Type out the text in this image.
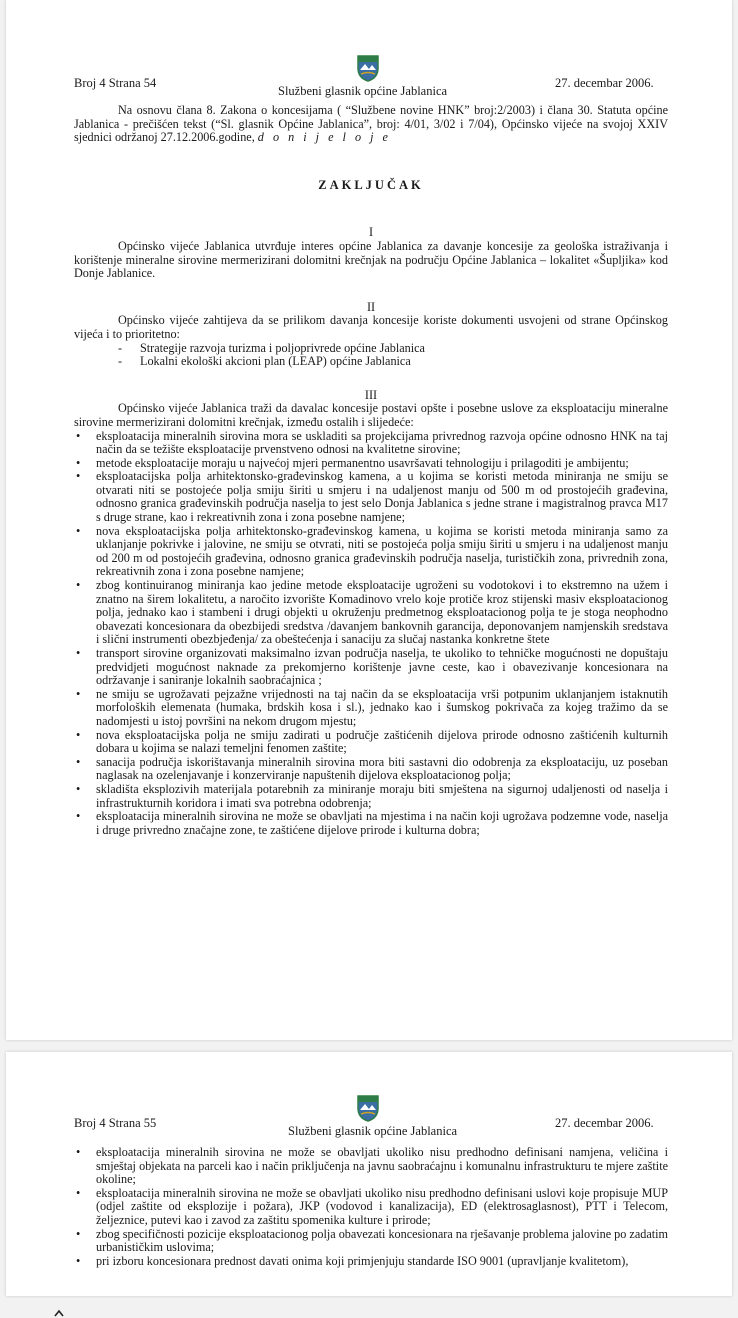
Broj 4 Strana 54
Službeni glasnik općine Jablanica
27. decembar 2006.

Na osnovu člana 8. Zakona o koncesijama ( “Službene novine HNK” broj:2/2003) i člana 30. Statuta općine Jablanica - prečišćen tekst (“Sl. glasnik Općine Jablanica”, broj: 4/01, 3/02 i 7/04), Općinsko vijeće na svojoj XXIV sjednici održanoj 27.12.2006.godine, d o n i j e l o j e

ZAKLJUČAK

I

Općinsko vijeće Jablanica utvrđuje interes općine Jablanica za davanje koncesije za geološka istraživanja i korištenje mineralne sirovine mermerizirani dolomitni krečnjak na području Općine Jablanica – lokalitet «Šupljika» kod Donje Jablanice.

II

Općinsko vijeće zahtijeva da se prilikom davanja koncesije koriste dokumenti usvojeni od strane Općinskog vijeća i to prioritetno:

- Strategije razvoja turizma i poljoprivrede općine Jablanica
- Lokalni ekološki akcioni plan (LEAP) općine Jablanica

III

Općinsko vijeće Jablanica traži da davalac koncesije postavi opšte i posebne uslove za eksploataciju mineralne sirovine mermerizirani dolomitni krečnjak, između ostalih i slijedeće:

• eksploatacija mineralnih sirovina mora se uskladiti sa projekcijama privrednog razvoja općine odnosno HNK na taj način da se težište eksploatacije prvenstveno odnosi na kvalitetne sirovine;
• metode eksploatacije moraju u najvećoj mjeri permanentno usavršavati tehnologiju i prilagoditi je ambijentu;
• eksploatacijska polja arhitektonsko-građevinskog kamena, a u kojima se koristi metoda miniranja ne smiju se otvarati niti se postojeće polja smiju širiti u smjeru i na udaljenost manju od 500 m od prostojećih građevina, odnosno granica građevinskih područja naselja to jest selo Donja Jablanica s jedne strane i magistralnog pravca M17 s druge strane, kao i rekreativnih zona i zona posebne namjene;
• nova eksploatacijska polja arhitektonsko-građevinskog kamena, u kojima se koristi metoda miniranja samo za uklanjanje pokrivke i jalovine, ne smiju se otvrati, niti se postojeća polja smiju širiti u smjeru i na udaljenost manju od 200 m od postojećih građevina, odnosno granica građevinskih područja naselja, turističkih zona, privrednih zona, rekreativnih zona i zona posebne namjene;
• zbog kontinuiranog miniranja kao jedine metode eksploatacije ugroženi su vodotokovi i to ekstremno na užem i znatno na širem lokalitetu, a naročito izvorište Komadinovo vrelo koje protiče kroz stijenski masiv eksploatacionog polja, jednako kao i stambeni i drugi objekti u okruženju predmetnog eksploatacionog polja te je stoga neophodno obavezati koncesionara da obezbijedi sredstva /davanjem bankovnih garancija, deponovanjem namjenskih sredstava i slični instrumenti obezbjeđenja/ za obeštećenja i sanaciju za slučaj nastanka konkretne štete
• transport sirovine organizovati maksimalno izvan područja naselja, te ukoliko to tehničke mogućnosti ne dopuštaju predvidjeti mogućnost naknade za prekomjerno korištenje javne ceste, kao i obavezivanje koncesionara na održavanje i saniranje lokalnih saobraćajnica ;
• ne smiju se ugrožavati pejzažne vrijednosti na taj način da se eksploatacija vrši potpunim uklanjanjem istaknutih morfoloških elemenata (humaka, brdskih kosa i sl.), jednako kao i šumskog pokrivača za kojeg tražimo da se nadomjesti u istoj površini na nekom drugom mjestu;
• nova eksploatacijska polja ne smiju zadirati u područje zaštićenih dijelova prirode odnosno zaštićenih kulturnih dobara u kojima se nalazi temeljni fenomen zaštite;
• sanacija područja iskorištavanja mineralnih sirovina mora biti sastavni dio odobrenja za eksploataciju, uz poseban naglasak na ozelenjavanje i konzerviranje napuštenih dijelova eksploatacionog polja;
• skladišta eksplozivih materijala potarebnih za miniranje moraju biti smještena na sigurnoj udaljenosti od naselja i infrastrukturnih koridora i imati sva potrebna odobrenja;
• eksploatacija mineralnih sirovina ne može se obavljati na mjestima i na način koji ugrožava podzemne vode, naselja i druge privredno značajne zone, te zaštićene dijelove prirode i kulturna dobra;
Broj 4 Strana 55
Službeni glasnik općine Jablanica
27. decembar 2006.
• eksploatacija mineralnih sirovina ne može se obavljati ukoliko nisu predhodno definisani namjena, veličina i smještaj objekata na parceli kao i način priključenja na javnu saobraćajnu i komunalnu infrastrukturu te mjere zaštite okoline;
• eksploatacija mineralnih sirovina ne može se obavljati ukoliko nisu predhodno definisani uslovi koje propisuje MUP (odjel zaštite od eksplozije i požara), JKP (vodovod i kanalizacija), ED (elektrosaglasnost), PTT i Telecom, željeznice, putevi kao i zavod za zaštitu spomenika kulture i prirode;
• zbog specifičnosti pozicije eksploatacionog polja obavezati koncesionara na rješavanje problema jalovine po zadatim urbanističkim uslovima;
• pri izboru koncesionara prednost davati onima koji primjenjuju standarde ISO 9001 (upravljanje kvalitetom),
